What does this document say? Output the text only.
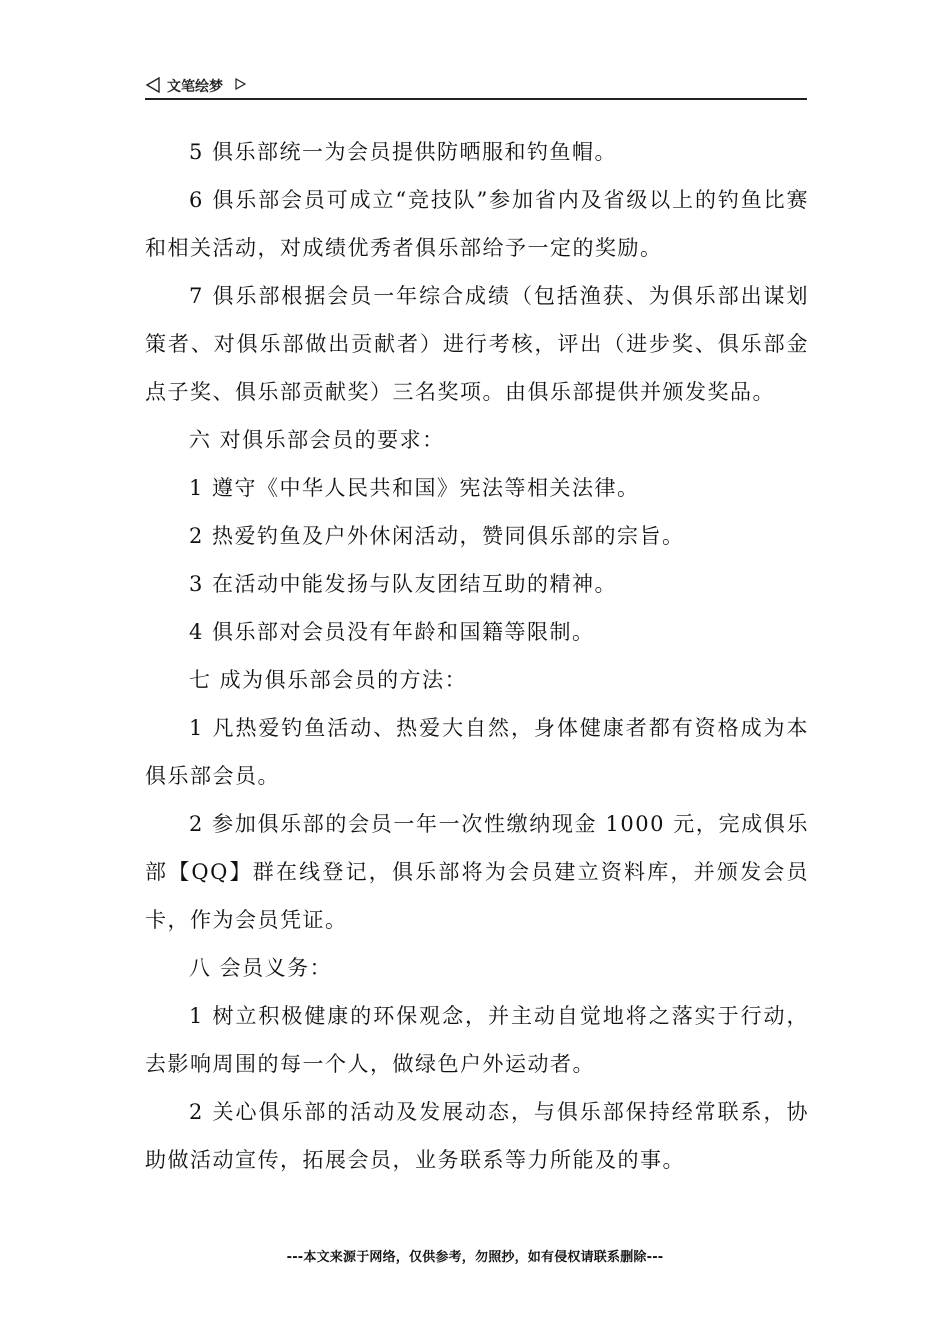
文笔绘梦

5 俱乐部统一为会员提供防晒服和钓鱼帽。

6 俱乐部会员可成立“竞技队”参加省内及省级以上的钓鱼比赛和相关活动，对成绩优秀者俱乐部给予一定的奖励。

7 俱乐部根据会员一年综合成绩（包括渔获、为俱乐部出谋划策者、对俱乐部做出贡献者）进行考核，评出（进步奖、俱乐部金点子奖、俱乐部贡献奖）三名奖项。由俱乐部提供并颁发奖品。

六 对俱乐部会员的要求：

1 遵守《中华人民共和国》宪法等相关法律。

2 热爱钓鱼及户外休闲活动，赞同俱乐部的宗旨。

3 在活动中能发扬与队友团结互助的精神。

4 俱乐部对会员没有年龄和国籍等限制。

七 成为俱乐部会员的方法：

1 凡热爱钓鱼活动、热爱大自然，身体健康者都有资格成为本俱乐部会员。

2 参加俱乐部的会员一年一次性缴纳现金 1000 元，完成俱乐部【QQ】群在线登记，俱乐部将为会员建立资料库，并颁发会员卡，作为会员凭证。

八 会员义务：

1 树立积极健康的环保观念，并主动自觉地将之落实于行动，去影响周围的每一个人，做绿色户外运动者。

2 关心俱乐部的活动及发展动态，与俱乐部保持经常联系，协助做活动宣传，拓展会员，业务联系等力所能及的事。

---本文来源于网络，仅供参考，勿照抄，如有侵权请联系删除---
